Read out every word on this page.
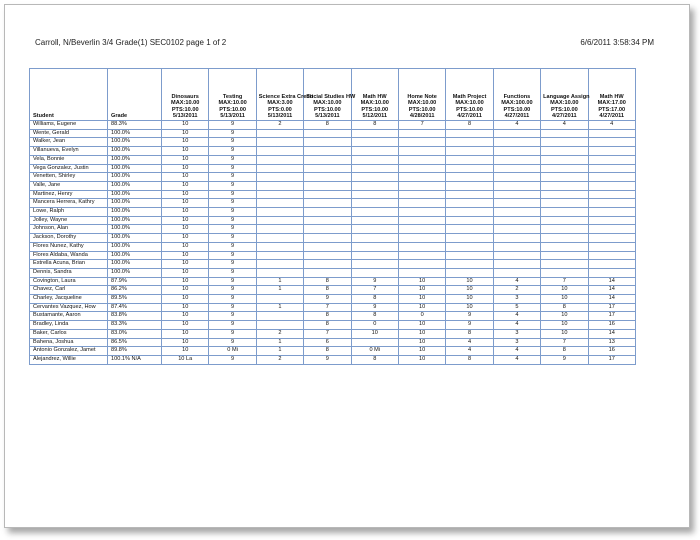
Carroll, N/Beverlin 3/4 Grade(1) SEC0102 page 1 of 2	6/6/2011 3:58:34 PM
Student	Grade	Dinosaurs
MAX:10.00
PTS:10.00
5/13/2011	Testing
MAX:10.00
PTS:10.00
5/13/2011	Science Extra Credit
MAX:3.00
PTS:0.00
5/13/2011	Social Studies HW
MAX:10.00
PTS:10.00
5/13/2011	Math HW
MAX:10.00
PTS:10.00
5/12/2011	Home Note
MAX:10.00
PTS:10.00
4/28/2011	Math Project
MAX:10.00
PTS:10.00
4/27/2011	Functions
MAX:100.00
PTS:10.00
4/27/2011	Language Assign
MAX:10.00
PTS:10.00
4/27/2011	Math HW
MAX:17.00
PTS:17.00
4/27/2011

Williams, Eugene	88.3%	10	9	2	8	8	7	8	4	4	4
Wente, Gerald	100.0%	10	9								
Walker, Jean	100.0%	10	9								
Villanueva, Evelyn	100.0%	10	9								
Vela, Bonnie	100.0%	10	9								
Vega Gonzalez, Justin	100.0%	10	9								
Venetten, Shirley	100.0%	10	9								
Valle, Jane	100.0%	10	9								
Martinez, Henry	100.0%	10	9								
Mancera Herrera, Kathry	100.0%	10	9								
Lowe, Ralph	100.0%	10	9								
Jolley, Wayne	100.0%	10	9								
Johnson, Alan	100.0%	10	9								
Jackson, Dorothy	100.0%	10	9								
Flores Nunez, Kathy	100.0%	10	9								
Flores Aldaba, Wanda	100.0%	10	9								
Estrella Acuna, Brian	100.0%	10	9								
Dennis, Sandra	100.0%	10	9								
Covington, Laura	87.9%	10	9	1	8	9	10	10	4	7	14
Chavez, Carl	86.2%	10	9	1	8	7	10	10	2	10	14
Charley, Jacqueline	89.5%	10	9		9	8	10	10	3	10	14
Cervantes Vazquez, How	87.4%	10	9	1	7	9	10	10	5	8	17
Bustamante, Aaron	83.8%	10	9		8	8	0	9	4	10	17
Bradley, Linda	83.3%	10	9		8	0	10	9	4	10	16
Baker, Carlos	83.0%	10	9	2	7	10	10	8	3	10	14
Bahena, Joshua	86.5%	10	9	1	6		10	4	3	7	13
Antonio Gonzalez, Jamet	89.8%	10	0 Mi	1	8	0 Mi	10	4	4	8	16
Alejandrez, Willie	100.1% N/A	10 La	9	2	9	8	10	8	4	9	17
